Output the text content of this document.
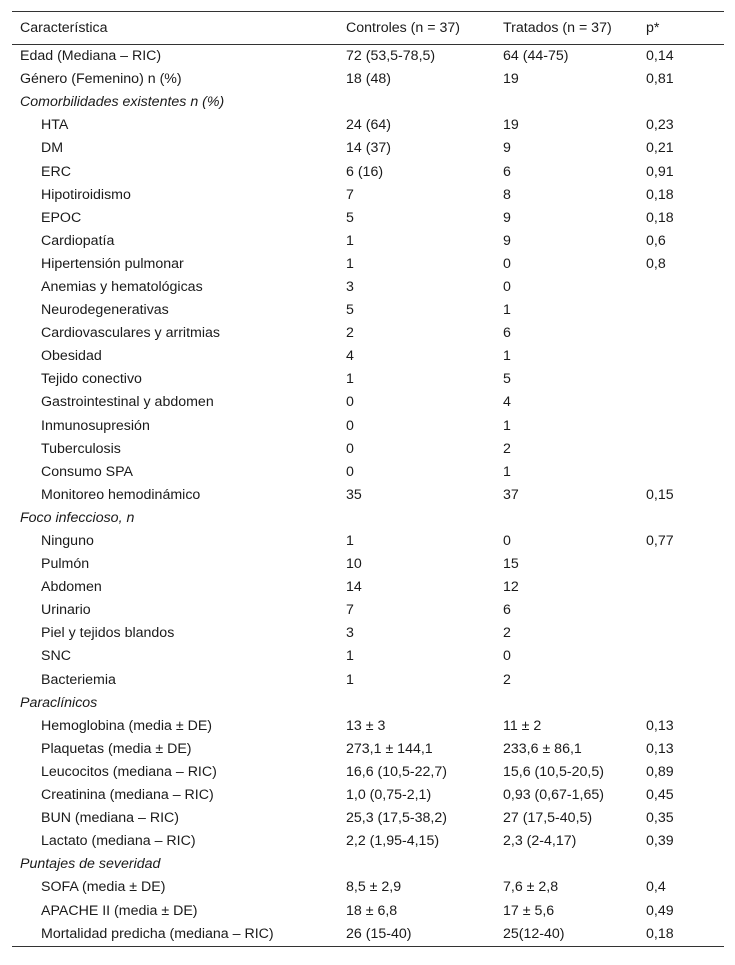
Característica	Controles (n = 37)	Tratados (n = 37)	p*
Edad (Mediana – RIC)	72 (53,5-78,5)	64 (44-75)	0,14
Género (Femenino) n (%)	18 (48)	19	0,81
Comorbilidades existentes n (%)			
HTA	24 (64)	19	0,23
DM	14 (37)	9	0,21
ERC	6 (16)	6	0,91
Hipotiroidismo	7	8	0,18
EPOC	5	9	0,18
Cardiopatía	1	9	0,6
Hipertensión pulmonar	1	0	0,8
Anemias y hematológicas	3	0	
Neurodegenerativas	5	1	
Cardiovasculares y arritmias	2	6	
Obesidad	4	1	
Tejido conectivo	1	5	
Gastrointestinal y abdomen	0	4	
Inmunosupresión	0	1	
Tuberculosis	0	2	
Consumo SPA	0	1	
Monitoreo hemodinámico	35	37	0,15
Foco infeccioso, n			
Ninguno	1	0	0,77
Pulmón	10	15	
Abdomen	14	12	
Urinario	7	6	
Piel y tejidos blandos	3	2	
SNC	1	0	
Bacteriemia	1	2	
Paraclínicos			
Hemoglobina (media ± DE)	13 ± 3	11 ± 2	0,13
Plaquetas (media ± DE)	273,1 ± 144,1	233,6 ± 86,1	0,13
Leucocitos (mediana – RIC)	16,6 (10,5-22,7)	15,6 (10,5-20,5)	0,89
Creatinina (mediana – RIC)	1,0 (0,75-2,1)	0,93 (0,67-1,65)	0,45
BUN (mediana – RIC)	25,3 (17,5-38,2)	27 (17,5-40,5)	0,35
Lactato (mediana – RIC)	2,2 (1,95-4,15)	2,3 (2-4,17)	0,39
Puntajes de severidad			
SOFA (media ± DE)	8,5 ± 2,9	7,6 ± 2,8	0,4
APACHE II (media ± DE)	18 ± 6,8	17 ± 5,6	0,49
Mortalidad predicha (mediana – RIC)	26 (15-40)	25(12-40)	0,18
